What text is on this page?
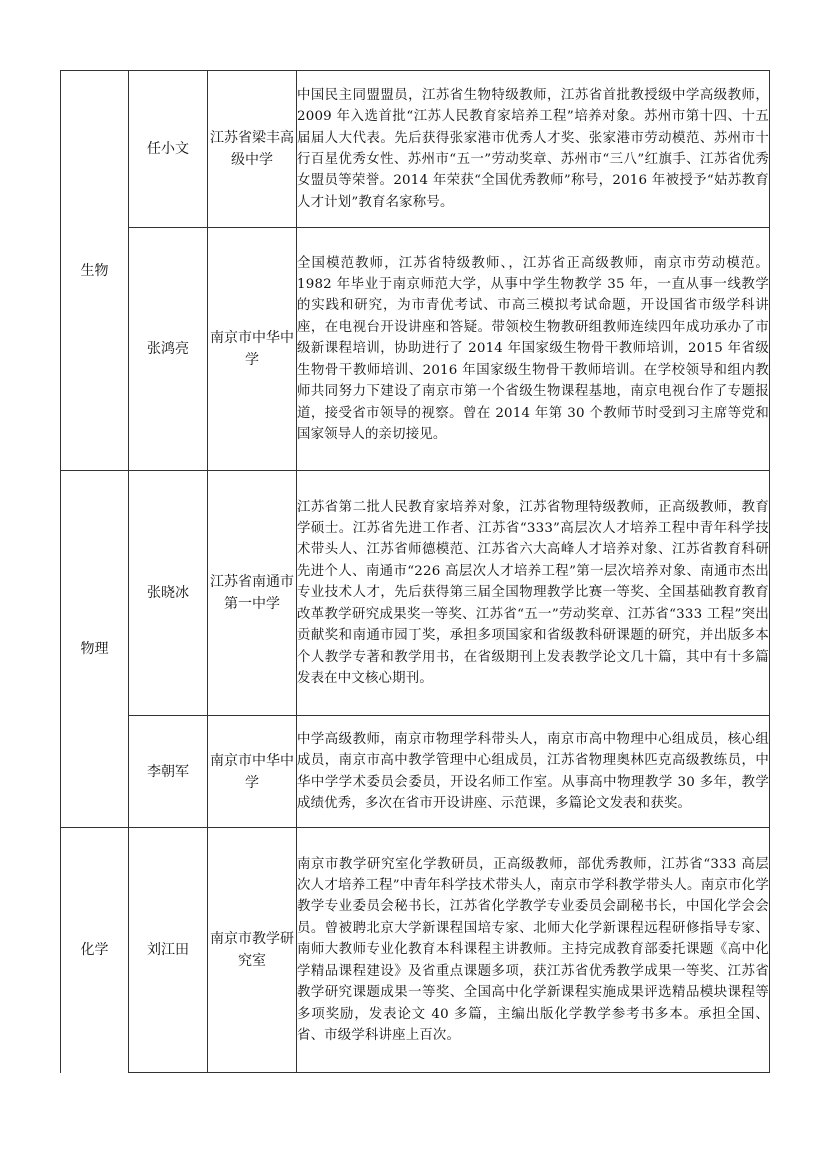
生物	任小文	江苏省梁丰高级中学	中国民主同盟盟员，江苏省生物特级教师，江苏省首批教授级中学高级教师，2009 年入选首批“江苏人民教育家培养工程”培养对象。苏州市第十四、十五届届人大代表。先后获得张家港市优秀人才奖、张家港市劳动模范、苏州市十行百星优秀女性、苏州市“五一”劳动奖章、苏州市“三八”红旗手、江苏省优秀女盟员等荣誉。2014 年荣获“全国优秀教师”称号，2016 年被授予“姑苏教育人才计划”教育名家称号。
	张鸿亮	南京市中华中学	全国模范教师，江苏省特级教师、，江苏省正高级教师，南京市劳动模范。1982 年毕业于南京师范大学，从事中学生物教学 35 年，一直从事一线教学的实践和研究，为市青优考试、市高三模拟考试命题，开设国省市级学科讲座，在电视台开设讲座和答疑。带领校生物教研组教师连续四年成功承办了市级新课程培训，协助进行了 2014 年国家级生物骨干教师培训，2015 年省级生物骨干教师培训、2016 年国家级生物骨干教师培训。在学校领导和组内教师共同努力下建设了南京市第一个省级生物课程基地，南京电视台作了专题报道，接受省市领导的视察。曾在 2014 年第 30 个教师节时受到习主席等党和国家领导人的亲切接见。
物理	张晓冰	江苏省南通市第一中学	江苏省第二批人民教育家培养对象，江苏省物理特级教师，正高级教师，教育学硕士。江苏省先进工作者、江苏省“333”高层次人才培养工程中青年科学技术带头人、江苏省师德模范、江苏省六大高峰人才培养对象、江苏省教育科研先进个人、南通市“226 高层次人才培养工程”第一层次培养对象、南通市杰出专业技术人才，先后获得第三届全国物理教学比赛一等奖、全国基础教育教育改革教学研究成果奖一等奖、江苏省“五一”劳动奖章、江苏省“333 工程”突出贡献奖和南通市园丁奖，承担多项国家和省级教科研课题的研究，并出版多本个人教学专著和教学用书，在省级期刊上发表教学论文几十篇，其中有十多篇发表在中文核心期刊。
	李朝军	南京市中华中学	中学高级教师，南京市物理学科带头人，南京市高中物理中心组成员，核心组成员，南京市高中教学管理中心组成员，江苏省物理奥林匹克高级教练员，中华中学学术委员会委员，开设名师工作室。从事高中物理教学 30 多年，教学成绩优秀，多次在省市开设讲座、示范课，多篇论文发表和获奖。
化学	刘江田	南京市教学研究室	南京市教学研究室化学教研员，正高级教师，部优秀教师，江苏省“333 高层次人才培养工程”中青年科学技术带头人，南京市学科教学带头人。南京市化学教学专业委员会秘书长，江苏省化学教学专业委员会副秘书长，中国化学会会员。曾被聘北京大学新课程国培专家、北师大化学新课程远程研修指导专家、南师大教师专业化教育本科课程主讲教师。主持完成教育部委托课题《高中化学精品课程建设》及省重点课题多项，获江苏省优秀教学成果一等奖、江苏省教学研究课题成果一等奖、全国高中化学新课程实施成果评选精品模块课程等多项奖励，发表论文 40 多篇，主编出版化学教学参考书多本。承担全国、省、市级学科讲座上百次。
